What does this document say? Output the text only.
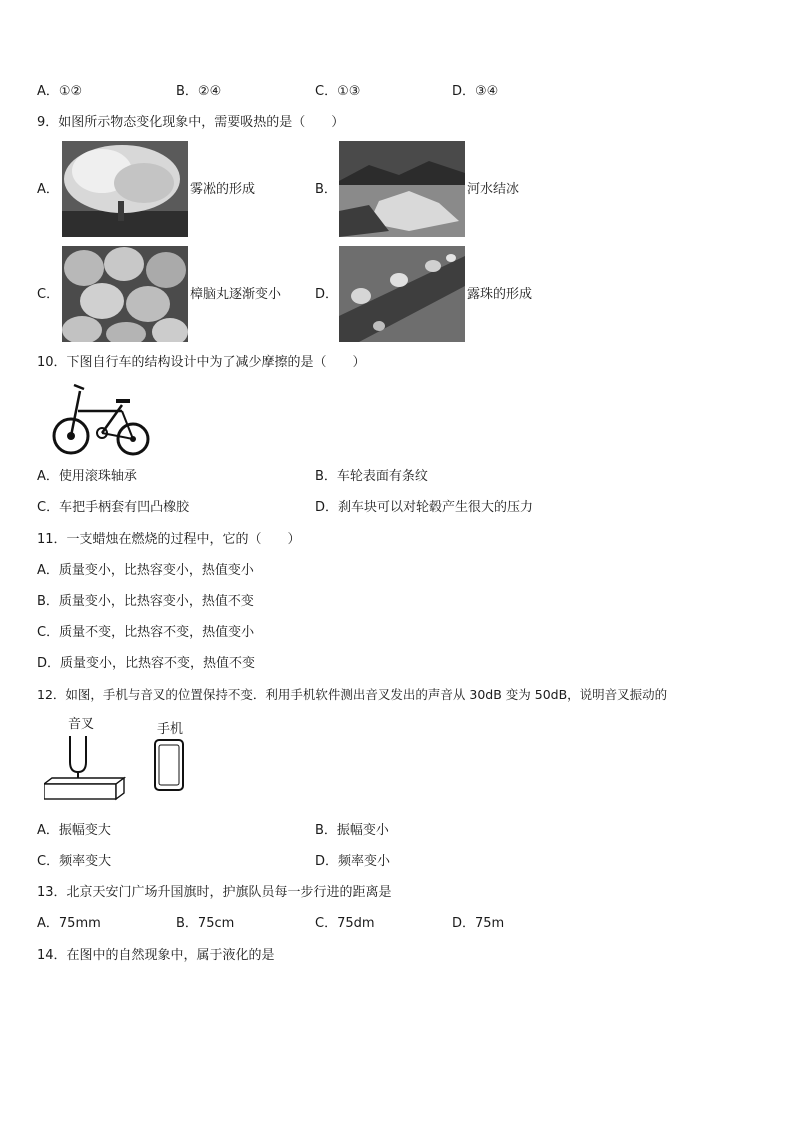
A．①②	B．②④	C．①③	D．③④
9．如图所示物态变化现象中，需要吸热的是（　　）
A．	雾凇的形成	B．	河水结冰
C．	樟脑丸逐渐变小	D．	露珠的形成
10．下图自行车的结构设计中为了减少摩擦的是（　　）
A．使用滚珠轴承	B．车轮表面有条纹
C．车把手柄套有凹凸橡胶	D．刹车块可以对轮毂产生很大的压力
11．一支蜡烛在燃烧的过程中，它的（　　）
A．质量变小，比热容变小，热值变小
B．质量变小，比热容变小，热值不变
C．质量不变，比热容不变，热值变小
D．质量变小，比热容不变，热值不变
12．如图，手机与音叉的位置保持不变．利用手机软件测出音叉发出的声音从 30dB 变为 50dB，说明音叉振动的
音叉	手机
A．振幅变大	B．振幅变小
C．频率变大	D．频率变小
13．北京天安门广场升国旗时，护旗队员每一步行进的距离是
A．75mm	B．75cm	C．75dm	D．75m
14．在图中的自然现象中，属于液化的是
